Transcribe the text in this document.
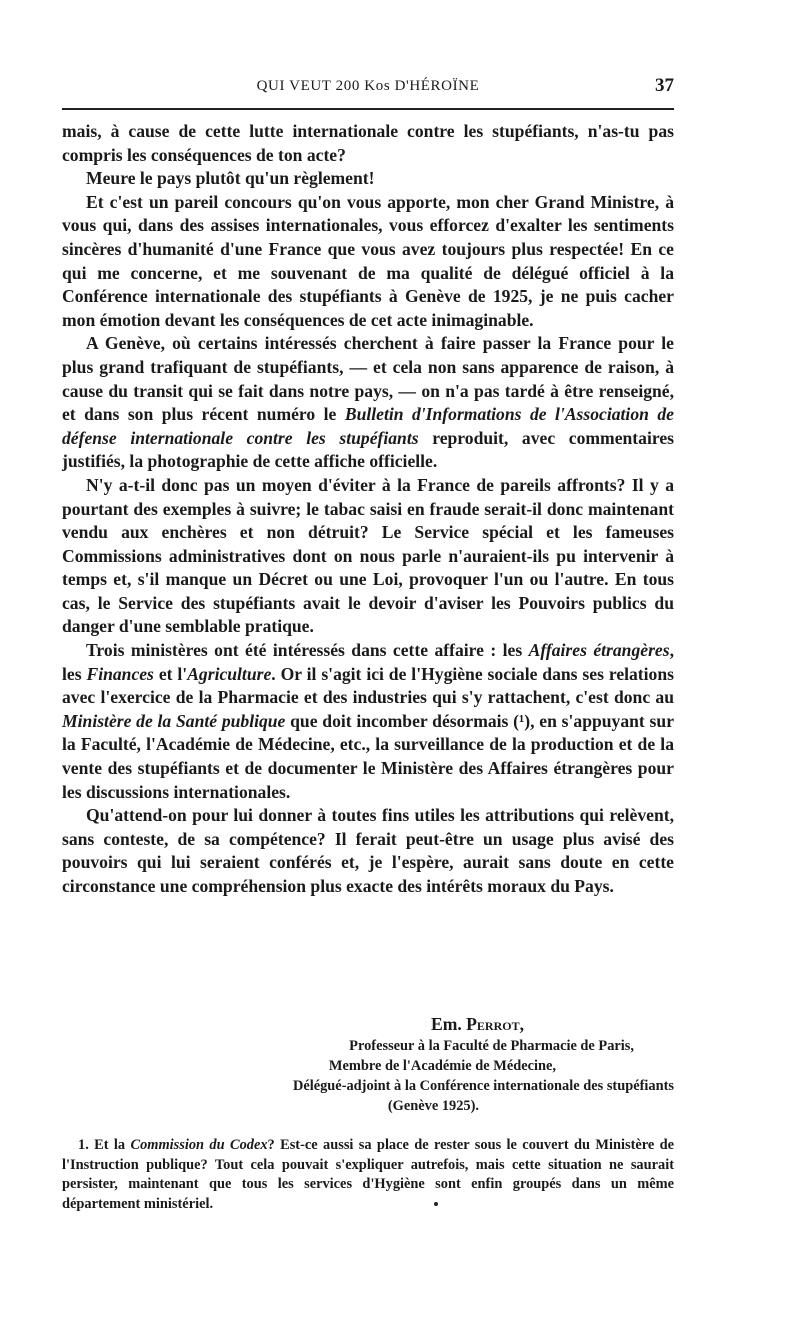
QUI VEUT 200 Kos D'HÉROÏNE	37

mais, à cause de cette lutte internationale contre les stupéfiants, n'as-tu pas compris les conséquences de ton acte?

Meure le pays plutôt qu'un règlement!

Et c'est un pareil concours qu'on vous apporte, mon cher Grand Ministre, à vous qui, dans des assises internationales, vous efforcez d'exalter les sentiments sincères d'humanité d'une France que vous avez toujours plus respectée! En ce qui me concerne, et me souvenant de ma qualité de délégué officiel à la Conférence internationale des stupéfiants à Genève de 1925, je ne puis cacher mon émotion devant les conséquences de cet acte inimaginable.

A Genève, où certains intéressés cherchent à faire passer la France pour le plus grand trafiquant de stupéfiants, — et cela non sans apparence de raison, à cause du transit qui se fait dans notre pays, — on n'a pas tardé à être renseigné, et dans son plus récent numéro le Bulletin d'Informations de l'Association de défense internationale contre les stupéfiants reproduit, avec commentaires justifiés, la photographie de cette affiche officielle.

N'y a-t-il donc pas un moyen d'éviter à la France de pareils affronts? Il y a pourtant des exemples à suivre; le tabac saisi en fraude serait-il donc maintenant vendu aux enchères et non détruit? Le Service spécial et les fameuses Commissions administratives dont on nous parle n'auraient-ils pu intervenir à temps et, s'il manque un Décret ou une Loi, provoquer l'un ou l'autre. En tous cas, le Service des stupéfiants avait le devoir d'aviser les Pouvoirs publics du danger d'une semblable pratique.

Trois ministères ont été intéressés dans cette affaire : les Affaires étrangères, les Finances et l'Agriculture. Or il s'agit ici de l'Hygiène sociale dans ses relations avec l'exercice de la Pharmacie et des industries qui s'y rattachent, c'est donc au Ministère de la Santé publique que doit incomber désormais (¹), en s'appuyant sur la Faculté, l'Académie de Médecine, etc., la surveillance de la production et de la vente des stupéfiants et de documenter le Ministère des Affaires étrangères pour les discussions internationales.

Qu'attend-on pour lui donner à toutes fins utiles les attributions qui relèvent, sans conteste, de sa compétence? Il ferait peut-être un usage plus avisé des pouvoirs qui lui seraient conférés et, je l'espère, aurait sans doute en cette circonstance une compréhension plus exacte des intérêts moraux du Pays.

Em. Perrot,
Professeur à la Faculté de Pharmacie de Paris,
Membre de l'Académie de Médecine,
Délégué-adjoint à la Conférence internationale des stupéfiants
(Genève 1925).

1. Et la Commission du Codex? Est-ce aussi sa place de rester sous le couvert du Ministère de l'Instruction publique? Tout cela pouvait s'expliquer autrefois, mais cette situation ne saurait persister, maintenant que tous les services d'Hygiène sont enfin groupés dans un même département ministériel.
